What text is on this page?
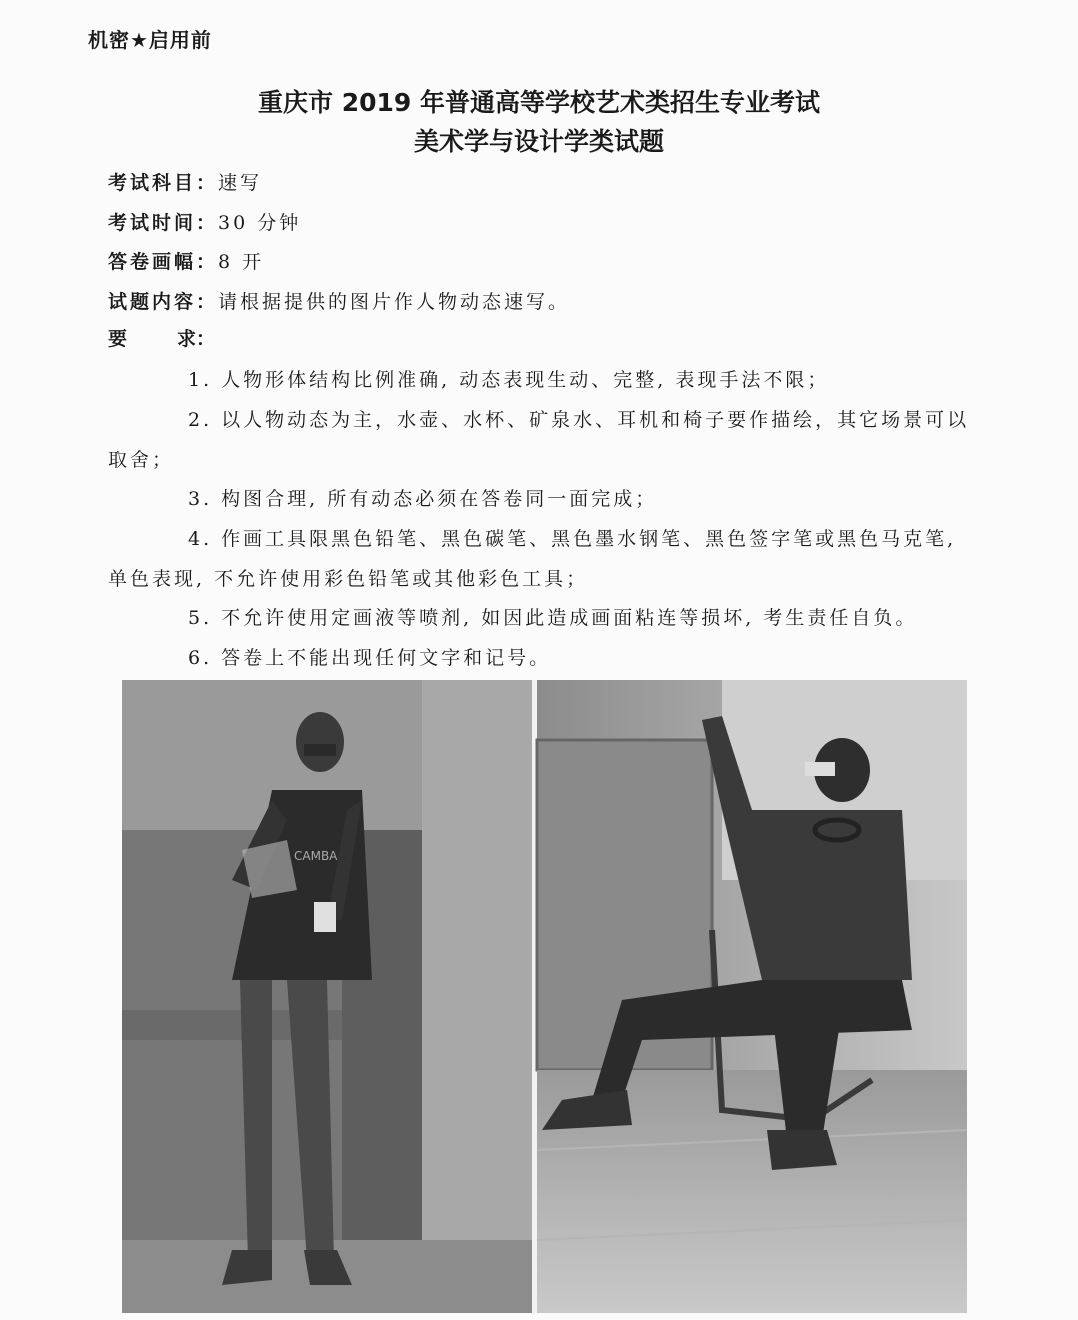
机密★启用前
重庆市 2019 年普通高等学校艺术类招生专业考试
美术学与设计学类试题
考试科目：速写
考试时间：30 分钟
答卷画幅：8 开
试题内容：请根据提供的图片作人物动态速写。
要	求：
1. 人物形体结构比例准确, 动态表现生动、完整, 表现手法不限；
2. 以人物动态为主，水壶、水杯、矿泉水、耳机和椅子要作描绘，其它场景可以取舍；
3. 构图合理, 所有动态必须在答卷同一面完成；
4. 作画工具限黑色铅笔、黑色碳笔、黑色墨水钢笔、黑色签字笔或黑色马克笔, 单色表现, 不允许使用彩色铅笔或其他彩色工具；
5. 不允许使用定画液等喷剂, 如因此造成画面粘连等损坏, 考生责任自负。
6. 答卷上不能出现任何文字和记号。
CAMBA
